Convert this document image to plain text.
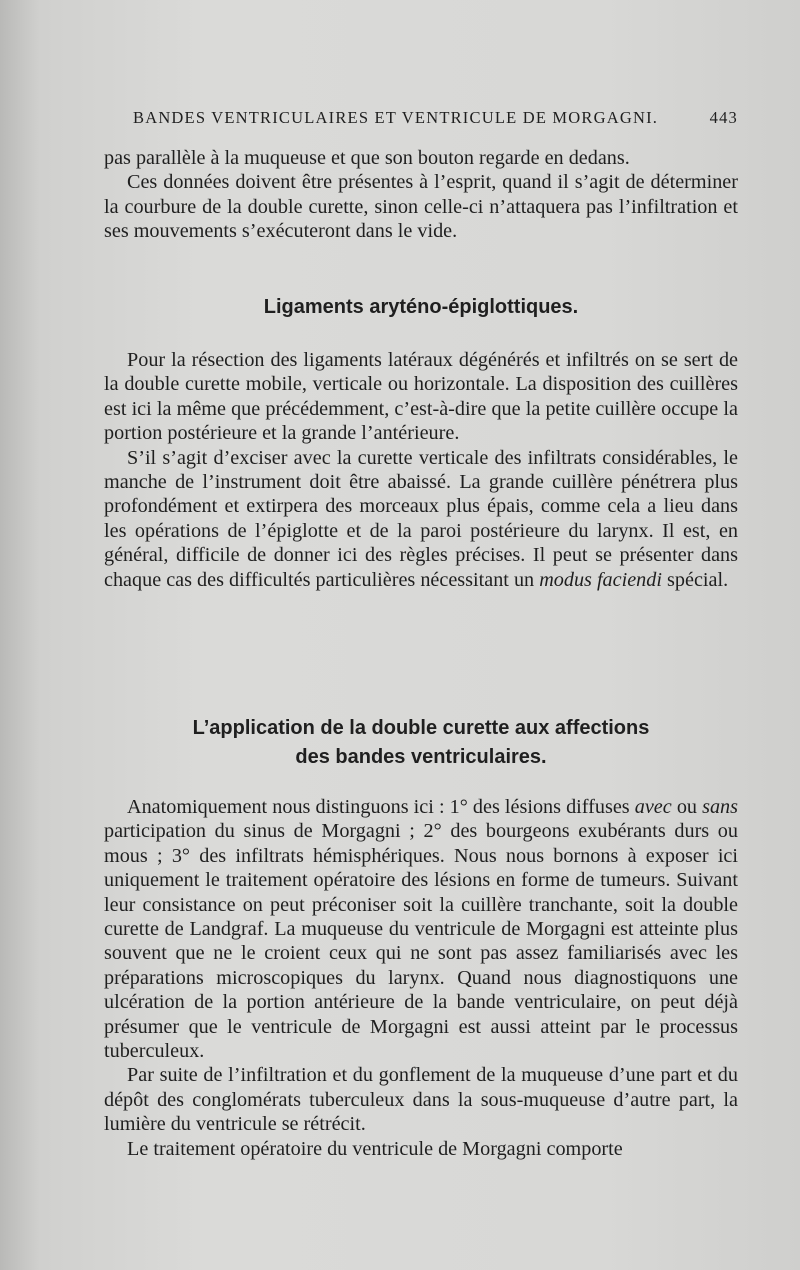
BANDES VENTRICULAIRES ET VENTRICULE DE MORGAGNI.	443

pas parallèle à la muqueuse et que son bouton regarde en dedans.

Ces données doivent être présentes à l’esprit, quand il s’agit de déterminer la courbure de la double curette, sinon celle-ci n’attaquera pas l’infiltration et ses mouvements s’exécuteront dans le vide.

Ligaments aryténo-épiglottiques.

Pour la résection des ligaments latéraux dégénérés et infiltrés on se sert de la double curette mobile, verticale ou horizontale. La disposition des cuillères est ici la même que précédemment, c’est-à-dire que la petite cuillère occupe la portion postérieure et la grande l’antérieure.

S’il s’agit d’exciser avec la curette verticale des infiltrats considérables, le manche de l’instrument doit être abaissé. La grande cuillère pénétrera plus profondément et extirpera des morceaux plus épais, comme cela a lieu dans les opérations de l’épiglotte et de la paroi postérieure du larynx. Il est, en général, difficile de donner ici des règles précises. Il peut se présenter dans chaque cas des difficultés particulières nécessitant un modus faciendi spécial.

L’application de la double curette aux affections
des bandes ventriculaires.

Anatomiquement nous distinguons ici : 1° des lésions diffuses avec ou sans participation du sinus de Morgagni ; 2° des bourgeons exubérants durs ou mous ; 3° des infiltrats hémisphériques. Nous nous bornons à exposer ici uniquement le traitement opératoire des lésions en forme de tumeurs. Suivant leur consistance on peut préconiser soit la cuillère tranchante, soit la double curette de Landgraf. La muqueuse du ventricule de Morgagni est atteinte plus souvent que ne le croient ceux qui ne sont pas assez familiarisés avec les préparations microscopiques du larynx. Quand nous diagnostiquons une ulcération de la portion antérieure de la bande ventriculaire, on peut déjà présumer que le ventricule de Morgagni est aussi atteint par le processus tuberculeux.

Par suite de l’infiltration et du gonflement de la muqueuse d’une part et du dépôt des conglomérats tuberculeux dans la sous-muqueuse d’autre part, la lumière du ventricule se rétrécit.

Le traitement opératoire du ventricule de Morgagni comporte
